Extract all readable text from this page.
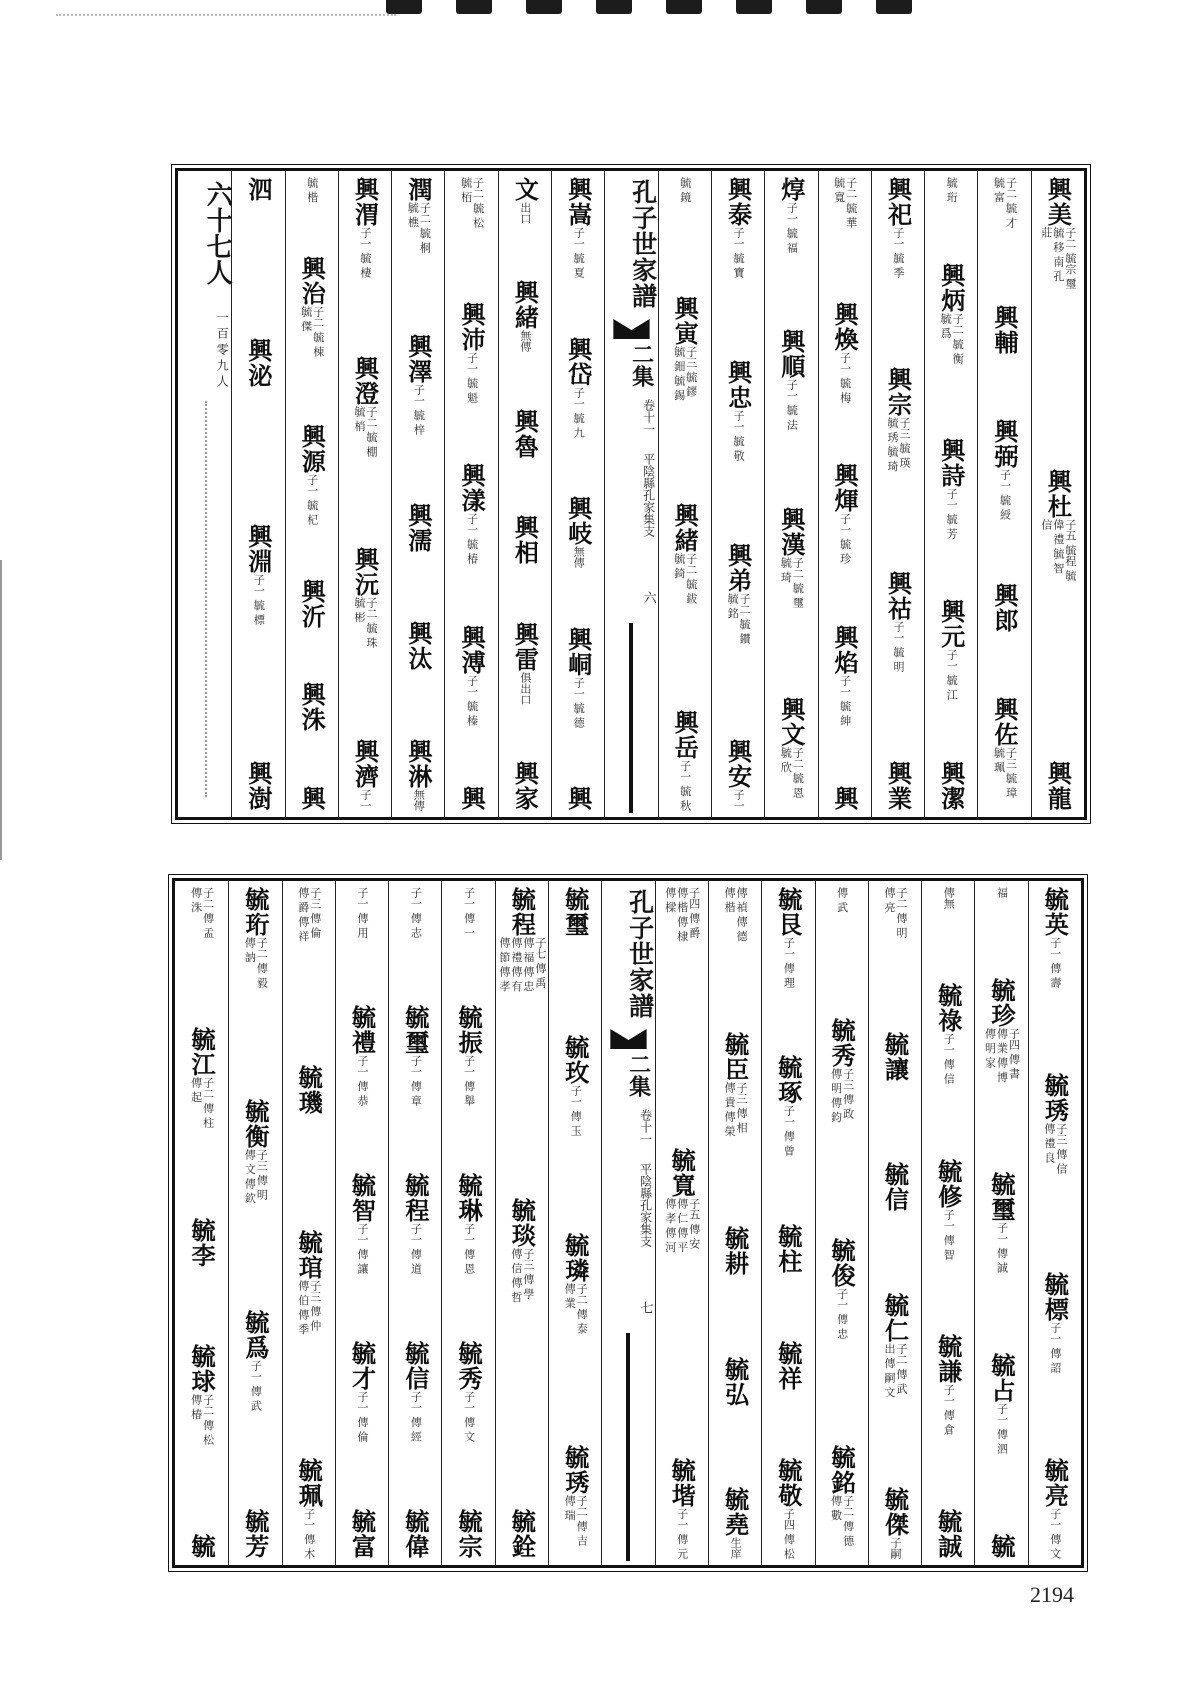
興美
子二 毓宗 璽 毓 移 南 孔 莊
興杜
子五 毓程 毓 偉 禮 毓 智 信
興龍
子二 毓 才 毓 富
興輔
興弼
子一 毓 綬
興郎
興佐
子三 毓 璋 毓 珮
毓 珩
興炳
子二 毓 衡 毓 爲
興詩
子一 毓 芳
興元
子一 毓 江
興潔
興祀
子一 毓 季
興宗
子三 毓 瑛 毓 琇 毓 琦
興祜
子一 毓 明
興業
子二 毓 華 毓 寬
興煥
子一 毓 梅
興煇
子一 毓 珍
興焰
子一 毓 紳
興
焞
子一 毓 福
興順
子一 毓 法
興漢
子二 毓 璽 毓 琦
興文
子二 毓 恩 毓 欣
興泰
子一 毓 寶
興忠
子一 毓 敬
興弟
子二 毓 鑽 毓 銘
興安
子一
毓 鏡
興寅
子三 毓 鏐 毓 鈿 毓 錫
興緒
子二 毓 鈸 毓 錡
興岳
子一 毓 秋
孔子世家譜
二集
卷十一
平陰縣孔家集支
六
興嵩
子一 毓 夏
興岱
子一 毓 九
興岐
無傳
興峒
子一 毓 德
興
文
出口
興緒
無傳
興魯
興相
興雷
俱出口
興家
子二 毓 松 毓 栢
興沛
子一 毓 魁
興漾
子一 毓 椿
興溥
子一 毓 榛
興
潤
子二 毓 桐 毓 樵
興澤
子一 毓 梓
興濡
興汰
興淋
無傳
興渭
子一 毓 棲
興澄
子二 毓 棚 毓 梢
興沅
子二 毓 珠 毓 彬
興濟
子一
毓 楷
興治
子二 毓 棟 毓 傑
興源
子一 毓 杞
興沂
興洙
興
泗
興泌
興淵
子一 毓 標
興澍
六十七人
一百零九人
毓英
子一 傳 壽
毓琇
子三 傳 信 傳 禮 良
毓標
子一 傳 詔
毓亮
子一 傳 文
福
毓珍
子四 傳 書 傳 業 傳 博 傳 明 家
毓璽
子一 傳 誠
毓占
子一 傳 泗
毓
傳無
毓祿
子一 傳 信
毓修
子一 傳 智
毓謙
子一 傳 倉
毓誠
子二 傳 明 傳 亮
毓讓
毓信
毓仁
子二 傳 武 出 傳 嗣 文
毓傑
子嗣
傳 武
毓秀
子三 傳 政 傳 明 傳 鈞
毓俊
子一 傳 忠
毓銘
子二 傳 德 傳 數
毓艮
子一 傳 理
毓琢
子一 傳 曾
毓柱
毓祥
毓敬
子四 傳 松
傳 禎 傳 德 傳 楷
毓臣
子三 傳 相 傳 貴 傳 榮
毓耕
毓弘
毓堯
生庠
子四 傳 爵 傳 楷 傳 棣 傳 樑
毓寬
子五 傳 安 傳 仁 傳 平 傳 孝 傳 河
毓堦
子一 傳 元
孔子世家譜
二集
卷十一
平陰縣孔家集支
七
毓璽
毓玫
子一 傳 玉
毓璘
子二 傳 泰 傳 業
毓琇
子二 傳 吉 傳 瑞
毓程
子七 傳 禹 傳 福 傳 忠 傳 禮 傳 有 傳 節 傳 孝
毓琰
子三 傳 學 傳 信 傳 哲
毓銓
子一 傳 一
毓振
子一 傳 舉
毓琳
子一 傳 恩
毓秀
子一 傳 文
毓宗
子一 傳 志
毓璽
子一 傳 章
毓程
子一 傳 道
毓信
子一 傳 經
毓偉
子一 傳 用
毓禮
子一 傳 恭
毓智
子一 傳 讓
毓才
子一 傳 倫
毓富
子三 傳 倫 傳 爵 傳 祥
毓璣
毓琯
子三 傳 仲 傳 伯 傳 季
毓珮
子一 傳 木
毓珩
子二 傳 毅 傳 訥
毓衡
子三 傳 明 傳 文 傳 欽
毓爲
子一 傳 武
毓芳
子二 傳 孟 傳 洙
毓江
子二 傳 柱 傳 起
毓李
毓球
子二 傳 松 傳 椿
毓
2194
